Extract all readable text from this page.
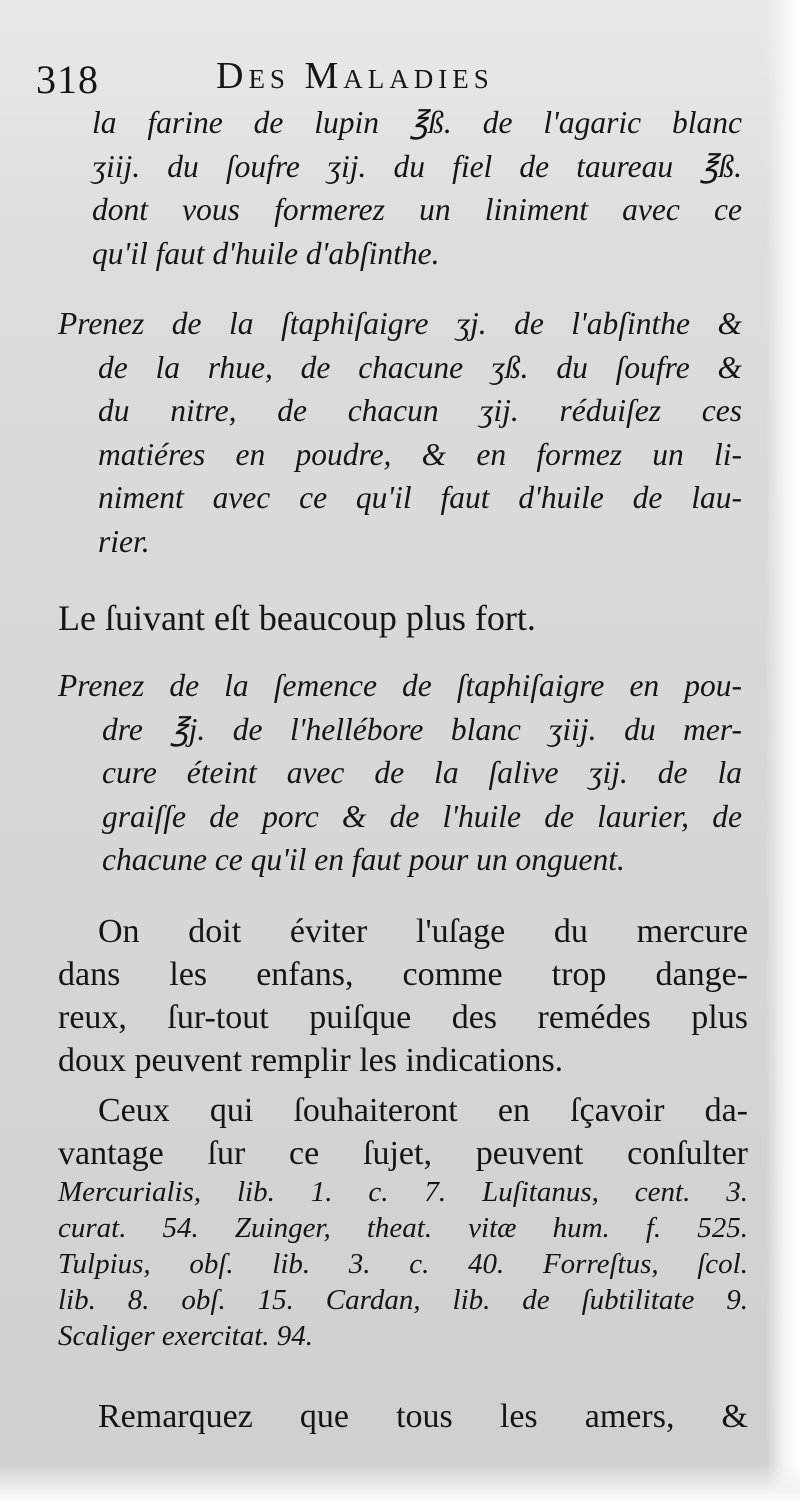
318	Des Maladies
la farine de lupin ℥ß. de l'agaric blanc
ʒiij. du ſoufre ʒij. du fiel de taureau ℥ß.
dont vous formerez un liniment avec ce
qu'il faut d'huile d'abſinthe.
Prenez de la ſtaphiſaigre ʒj. de l'abſinthe &
de la rhue, de chacune ʒß. du ſoufre &
du nitre, de chacun ʒij. réduiſez ces
matiéres en poudre, & en formez un li-
niment avec ce qu'il faut d'huile de lau-
rier.
Le ſuivant eſt beaucoup plus fort.
Prenez de la ſemence de ſtaphiſaigre en pou-
dre ℥j. de l'hellébore blanc ʒiij. du mer-
cure éteint avec de la ſalive ʒij. de la
graiſſe de porc & de l'huile de laurier, de
chacune ce qu'il en faut pour un onguent.
On doit éviter l'uſage du mercure
dans les enfans, comme trop dange-
reux, ſur-tout puiſque des remédes plus
doux peuvent remplir les indications.
Ceux qui ſouhaiteront en ſçavoir da-
vantage ſur ce ſujet, peuvent conſulter
Mercurialis, lib. 1. c. 7. Luſitanus, cent. 3.
curat. 54. Zuinger, theat. vitæ hum. f. 525.
Tulpius, obſ. lib. 3. c. 40. Forreſtus, ſcol.
lib. 8. obſ. 15. Cardan, lib. de ſubtilitate 9.
Scaliger exercitat. 94.
Remarquez que tous les amers, &
